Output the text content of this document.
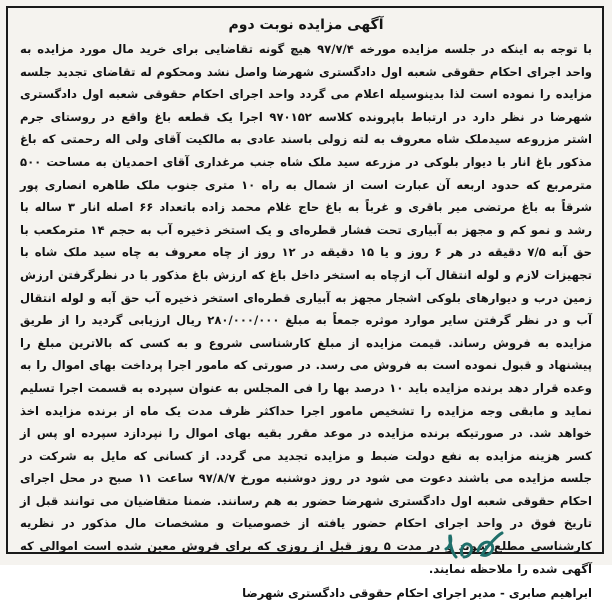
آگهی مزایده نوبت دوم

با توجه به اینکه در جلسه مزایده مورخه ۹۷/۷/۴ هیچ گونه تقاضایی برای خرید مال مورد مزایده به واحد اجرای احکام حقوقی شعبه اول دادگستری شهرضا واصل نشد ومحکوم له تقاضای تجدید جلسه مزایده را نموده است لذا بدینوسیله اعلام می گردد واحد اجرای احکام حقوقی شعبه اول دادگستری شهرضا در نظر دارد در ارتباط باپرونده کلاسه ۹۷۰۱۵۲ اجرا یک قطعه باغ واقع در روستای جرم اشتر مزروعه سیدملک شاه معروف به لته زولی باسند عادی به مالکیت آقای ولی اله رحمتی که باغ مذکور باغ انار با دیوار بلوکی در مزرعه سید ملک شاه جنب مرغداری آقای احمدیان به مساحت ۵۰۰ مترمربع که حدود اربعه آن عبارت است از شمال به راه ۱۰ متری جنوب ملک طاهره انصاری پور شرقاً به باغ مرتضی میر باقری و غرباً به باغ حاج غلام محمد زاده باتعداد ۶۶ اصله انار ۳ ساله با رشد و نمو کم و مجهز به آبیاری تحت فشار قطره‌ای و یک استخر ذخیره آب به حجم ۱۴ مترمکعب با حق آبه ۷/۵ دقیقه در هر ۶ روز و یا ۱۵ دقیقه در ۱۲ روز از چاه معروف به چاه سید ملک شاه با تجهیزات لازم و لوله انتقال آب ازچاه به استخر داخل باغ که ارزش باغ مذکور با در نظرگرفتن ارزش زمین درب و دیوارهای بلوکی اشجار مجهز به آبیاری قطره‌ای استخر ذخیره آب حق آبه و لوله انتقال آب و در نظر گرفتن سایر موارد موثره جمعاً به مبلغ ۲۸۰/۰۰۰/۰۰۰ ریال ارزیابی گردید را از طریق مزایده به فروش رساند. قیمت مزایده از مبلغ کارشناسی شروع و به کسی که بالاترین مبلغ را پیشنهاد و قبول نموده است به فروش می رسد. در صورتی که مامور اجرا پرداخت بهای اموال را به وعده قرار دهد برنده مزایده باید ۱۰ درصد بها را فی المجلس به عنوان سپرده به قسمت اجرا تسلیم نماید و مابقی وجه مزایده را تشخیص مامور اجرا حداکثر ظرف مدت یک ماه از برنده مزایده اخذ خواهد شد. در صورتیکه برنده مزایده در موعد مقرر بقیه بهای اموال را نپردازد سپرده او پس از کسر هزینه مزایده به نفع دولت ضبط و مزایده تجدید می گردد. از کسانی که مایل به شرکت در جلسه مزایده می باشند دعوت می شود در روز دوشنبه مورخ ۹۷/۸/۷ ساعت ۱۱ صبح در محل اجرای احکام حقوقی شعبه اول دادگستری شهرضا حضور به هم رسانند. ضمنا متقاضیان می توانند قبل از تاریخ فوق در واحد اجرای احکام حضور یافته از خصوصیات و مشخصات مال مذکور در نظریه کارشناسی مطلع شوند و در مدت ۵ روز قبل از روزی که برای فروش معین شده است اموالی که آگهی شده را ملاحظه نمایند.

ابراهیم صابری - مدیر اجرای احکام حقوقی دادگستری شهرضا
